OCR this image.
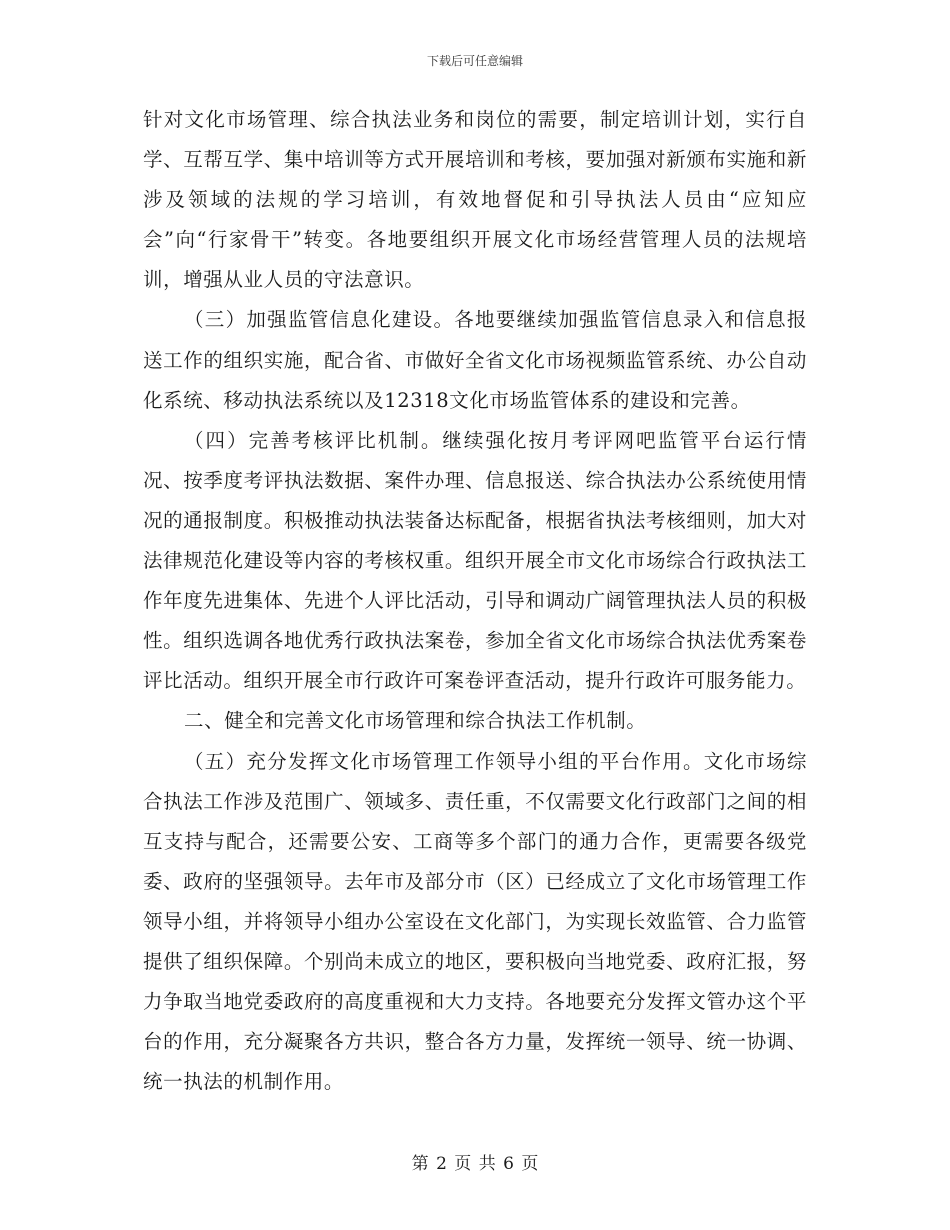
下载后可任意编辑

针对文化市场管理、综合执法业务和岗位的需要，制定培训计划，实行自学、互帮互学、集中培训等方式开展培训和考核，要加强对新颁布实施和新涉及领域的法规的学习培训，有效地督促和引导执法人员由“应知应会”向“行家骨干”转变。各地要组织开展文化市场经营管理人员的法规培训，增强从业人员的守法意识。

（三）加强监管信息化建设。各地要继续加强监管信息录入和信息报送工作的组织实施，配合省、市做好全省文化市场视频监管系统、办公自动化系统、移动执法系统以及12318文化市场监管体系的建设和完善。

（四）完善考核评比机制。继续强化按月考评网吧监管平台运行情况、按季度考评执法数据、案件办理、信息报送、综合执法办公系统使用情况的通报制度。积极推动执法装备达标配备，根据省执法考核细则，加大对法律规范化建设等内容的考核权重。组织开展全市文化市场综合行政执法工作年度先进集体、先进个人评比活动，引导和调动广阔管理执法人员的积极性。组织选调各地优秀行政执法案卷，参加全省文化市场综合执法优秀案卷评比活动。组织开展全市行政许可案卷评查活动，提升行政许可服务能力。

二、健全和完善文化市场管理和综合执法工作机制。

（五）充分发挥文化市场管理工作领导小组的平台作用。文化市场综合执法工作涉及范围广、领域多、责任重，不仅需要文化行政部门之间的相互支持与配合，还需要公安、工商等多个部门的通力合作，更需要各级党委、政府的坚强领导。去年市及部分市（区）已经成立了文化市场管理工作领导小组，并将领导小组办公室设在文化部门，为实现长效监管、合力监管提供了组织保障。个别尚未成立的地区，要积极向当地党委、政府汇报，努力争取当地党委政府的高度重视和大力支持。各地要充分发挥文管办这个平台的作用，充分凝聚各方共识，整合各方力量，发挥统一领导、统一协调、统一执法的机制作用。

第 2 页 共 6 页
